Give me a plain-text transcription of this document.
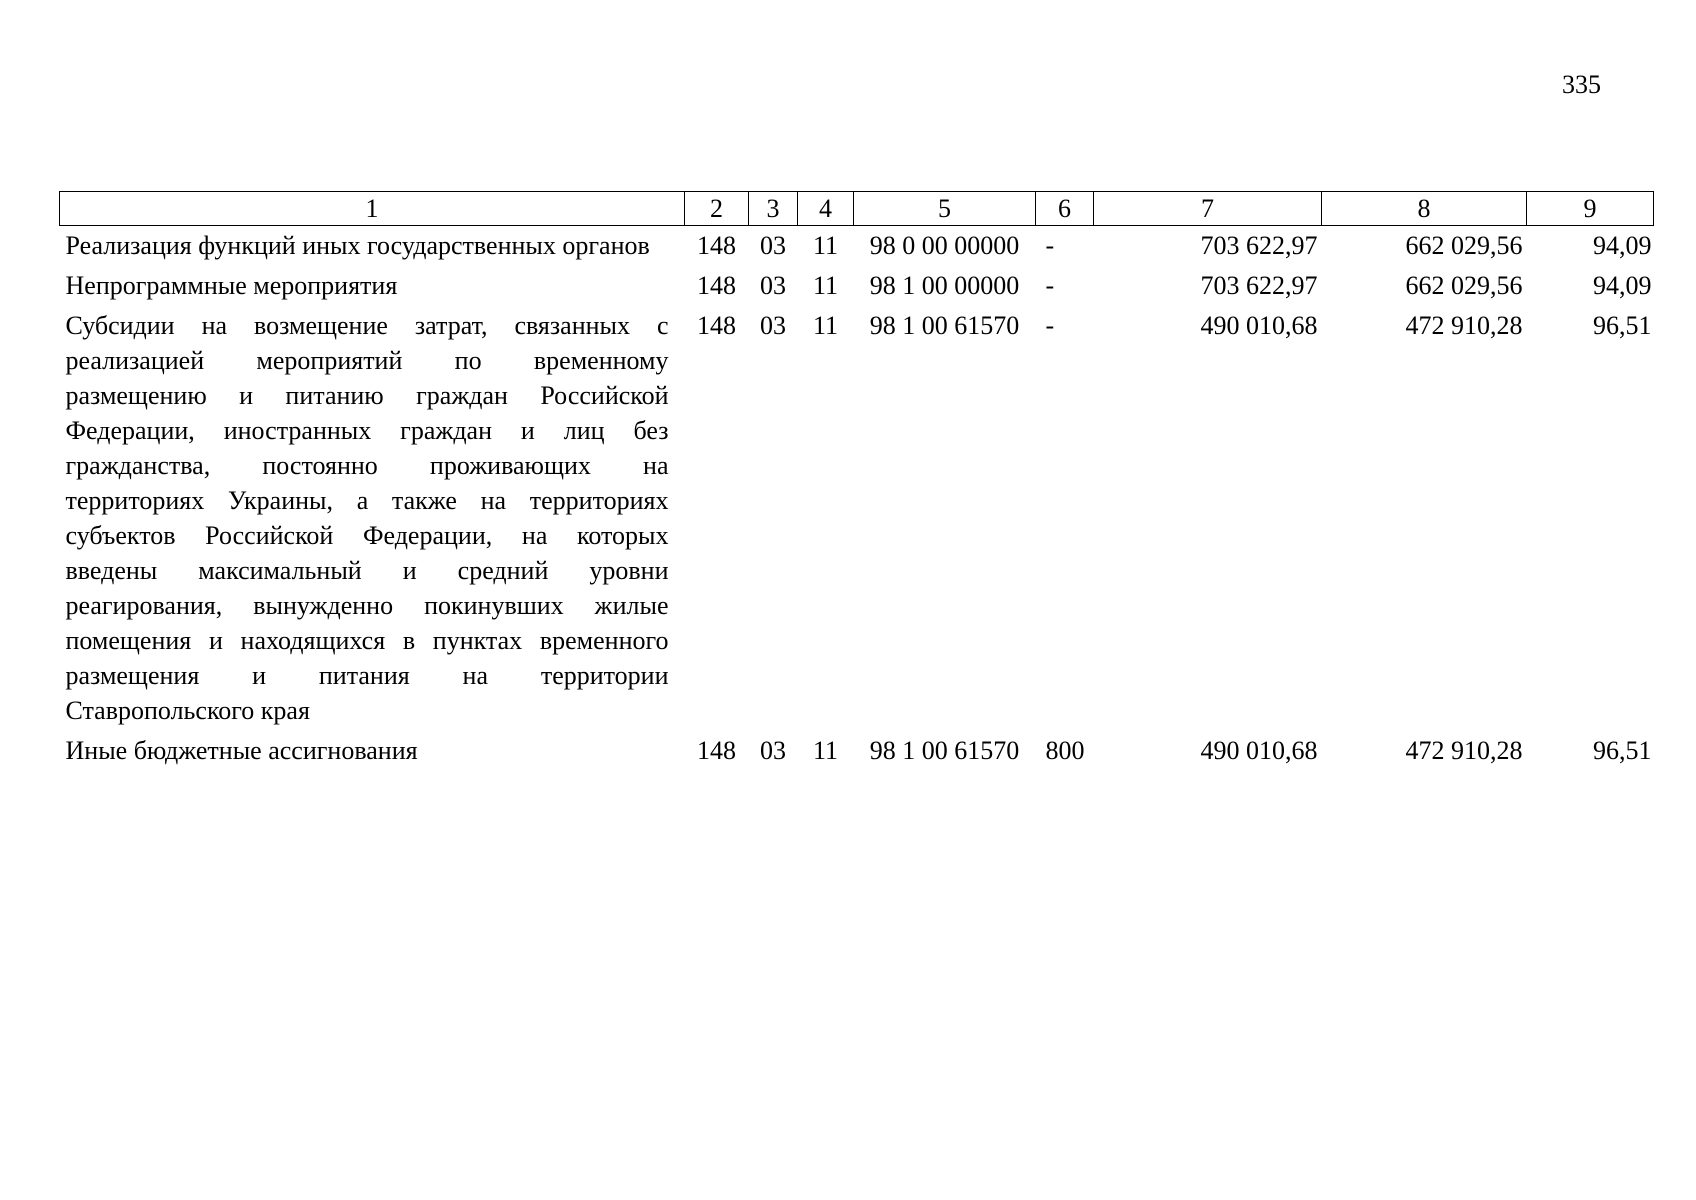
335
1	2	3	4	5	6	7	8	9
Реализация функций иных государственных органов	148	03	11	98 0 00 00000	-	703 622,97	662 029,56	94,09
Непрограммные мероприятия	148	03	11	98 1 00 00000	-	703 622,97	662 029,56	94,09
Субсидии на возмещение затрат, связанных с реализацией мероприятий по временному размещению и питанию граждан Российской Федерации, иностранных граждан и лиц без гражданства, постоянно проживающих на территориях Украины, а также на территориях субъектов Российской Федерации, на которых введены максимальный и средний уровни реагирования, вынужденно покинувших жилые помещения и находящихся в пунктах временного размещения и питания на территории Ставропольского края	148	03	11	98 1 00 61570	-	490 010,68	472 910,28	96,51
Иные бюджетные ассигнования	148	03	11	98 1 00 61570	800	490 010,68	472 910,28	96,51
